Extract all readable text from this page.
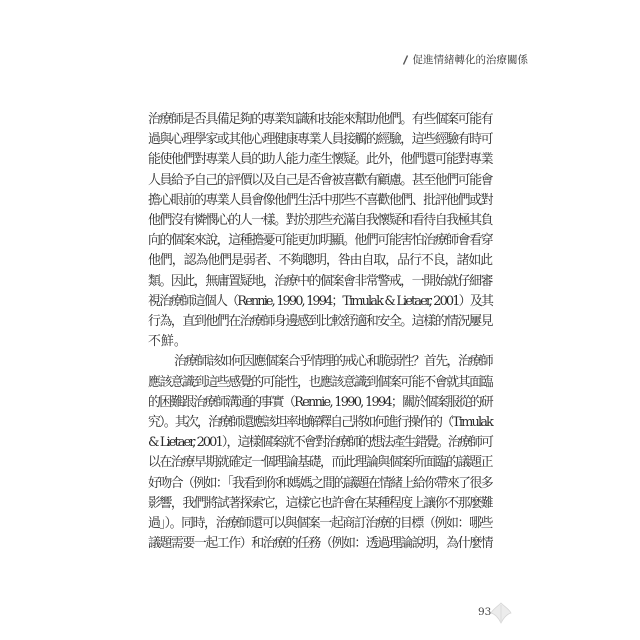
促進情緒轉化的治療關係
治療師是否具備足夠的專業知識和技能來幫助他們。有些個案可能有
過與心理學家或其他心理健康專業人員接觸的經驗，這些經驗有時可
能使他們對專業人員的助人能力產生懷疑。此外，他們還可能對專業
人員給予自己的評價以及自己是否會被喜歡有顧慮。甚至他們可能會
擔心眼前的專業人員會像他們生活中那些不喜歡他們、批評他們或對
他們沒有憐憫心的人一樣。對於那些充滿自我懷疑和看待自我極其負
向的個案來說，這種擔憂可能更加明顯。他們可能害怕治療師會看穿
他們，認為他們是弱者、不夠聰明，咎由自取，品行不良，諸如此
類。因此，無庸置疑地，治療中的個案會非常警戒，一開始就仔細審
視治療師這個人（Rennie, 1990, 1994；Timulak & Lietaer, 2001）及其
行為，直到他們在治療師身邊感到比較舒適和安全。這樣的情況屢見
不鮮。
治療師該如何因應個案合乎情理的戒心和脆弱性？首先，治療師
應該意識到這些感覺的可能性，也應該意識到個案可能不會就其面臨
的困難跟治療師溝通的事實（Rennie, 1990, 1994；關於個案服從的研
究）。其次，治療師還應該坦率地解釋自己將如何進行操作的（Timulak
& Lietaer, 2001），這樣個案就不會對治療師的想法產生錯覺。治療師可
以在治療早期就確定一個理論基礎，而此理論與個案所面臨的議題正
好吻合（例如：「我看到你和媽媽之間的議題在情緒上給你帶來了很多
影響，我們將試著探索它，這樣它也許會在某種程度上讓你不那麼難
過」）。同時，治療師還可以與個案一起商訂治療的目標（例如：哪些
議題需要一起工作）和治療的任務（例如：透過理論說明，為什麼情
93
